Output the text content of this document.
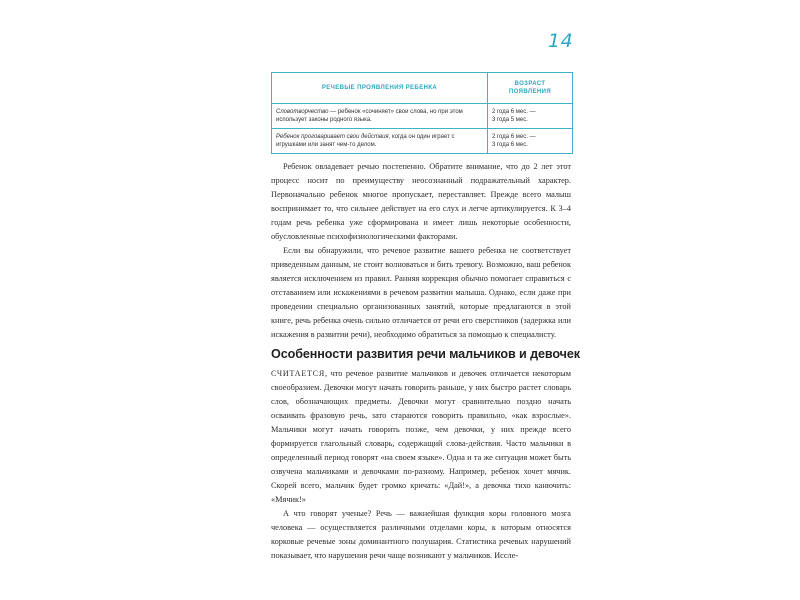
14
РЕЧЕВЫЕ ПРОЯВЛЕНИЯ РЕБЕНКА
ВОЗРАСТ
ПОЯВЛЕНИЯ
Словотворчество — ребенок «сочиняет» свои слова, но при этом использует законы родного языка.
2 года 6 мес. —
3 года 5 мес.
Ребенок проговаривает свои действия, когда он один играет с игрушками или занят чем-то делом.
2 года 6 мес. —
3 года 6 мес.

Ребенок овладевает речью постепенно. Обратите внимание, что до 2 лет этот процесс носит по преимуществу неосознанный подражательный характер. Первоначально ребенок многое пропускает, переставляет. Прежде всего малыш воспринимает то, что сильнее действует на его слух и легче артикулируется. К 3–4 годам речь ребенка уже сформирована и имеет лишь некоторые особенности, обусловленные психофизиологическими факторами.

Если вы обнаружили, что речевое развитие вашего ребенка не соответствует приведенным данным, не стоит волноваться и бить тревогу. Возможно, ваш ребенок является исключением из правил. Ранняя коррекция обычно помогает справиться с отставанием или искажениями в речевом развитии малыша. Однако, если даже при проведении специально организованных занятий, которые предлагаются в этой книге, речь ребенка очень сильно отличается от речи его сверстников (задержка или искажения в развитии речи), необходимо обратиться за помощью к специалисту.

Особенности развития речи мальчиков и девочек

СЧИТАЕТСЯ, что речевое развитие мальчиков и девочек отличается некоторым своеобразием. Девочки могут начать говорить раньше, у них быстро растет словарь слов, обозначающих предметы. Девочки могут сравнительно поздно начать осваивать фразовую речь, зато стараются говорить правильно, «как взрослые». Мальчики могут начать говорить позже, чем девочки, у них прежде всего формируется глагольный словарь, содержащий слова-действия. Часто мальчики в определенный период говорят «на своем языке». Одна и та же ситуация может быть озвучена мальчиками и девочками по-разному. Например, ребенок хочет мячик. Скорей всего, мальчик будет громко кричать: «Дай!», а девочка тихо канючить: «Мячик!»

А что говорят ученые? Речь — важнейшая функция коры головного мозга человека — осуществляется различными отделами коры, к которым относятся корковые речевые зоны доминантного полушария. Статистика речевых нарушений показывает, что нарушения речи чаще возникают у мальчиков. Иссле-
